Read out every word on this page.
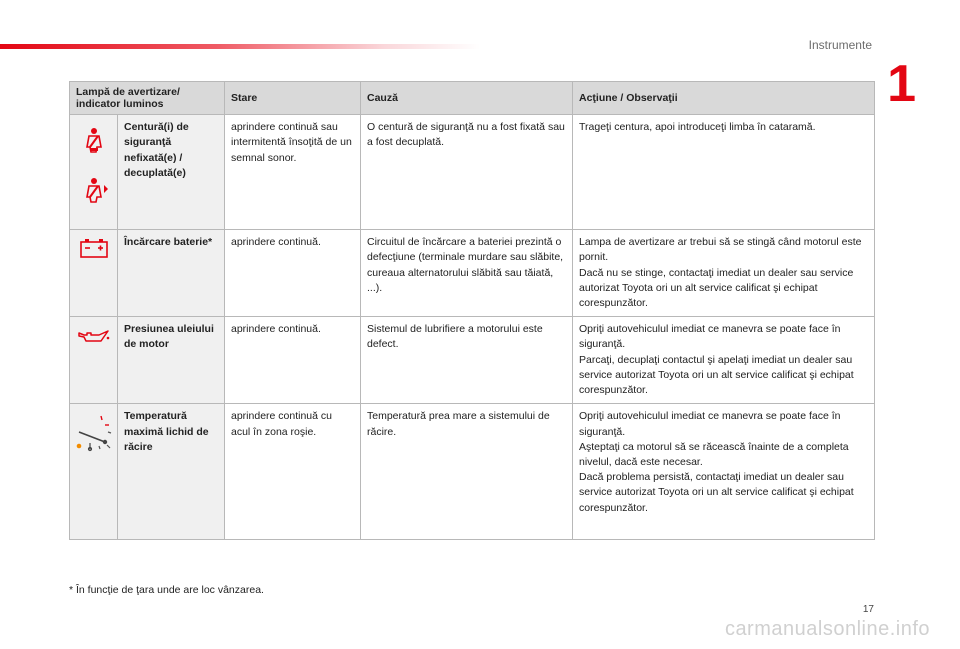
Instrumente
1
Lampă de avertizare/ indicator luminos		Stare	Cauză	Acţiune / Observaţii

	Centură(i) de siguranţă nefixată(e) / decuplată(e)	aprindere continuă sau intermitentă însoţită de un semnal sonor.	O centură de siguranţă nu a fost fixată sau a fost decuplată.	Trageţi centura, apoi introduceţi limba în cataramă.

	Încărcare baterie*	aprindere continuă.	Circuitul de încărcare a bateriei prezintă o defecţiune (terminale murdare sau slăbite, cureaua alternatorului slăbită sau tăiată, ...).	Lampa de avertizare ar trebui să se stingă când motorul este pornit.
Dacă nu se stinge, contactaţi imediat un dealer sau service autorizat Toyota ori un alt service calificat şi echipat corespunzător.

	Presiunea uleiului de motor	aprindere continuă.	Sistemul de lubrifiere a motorului este defect.	Opriţi autovehiculul imediat ce manevra se poate face în siguranţă.
Parcaţi, decuplaţi contactul şi apelaţi imediat un dealer sau service autorizat Toyota ori un alt service calificat şi echipat corespunzător.

	Temperatură maximă lichid de răcire	aprindere continuă cu acul în zona roşie.	Temperatură prea mare a sistemului de răcire.	Opriţi autovehiculul imediat ce manevra se poate face în siguranţă.
Aşteptaţi ca motorul să se răcească înainte de a completa nivelul, dacă este necesar.
Dacă problema persistă, contactaţi imediat un dealer sau service autorizat Toyota ori un alt service calificat şi echipat corespunzător.
* În funcţie de ţara unde are loc vânzarea.
17
carmanualsonline.info
